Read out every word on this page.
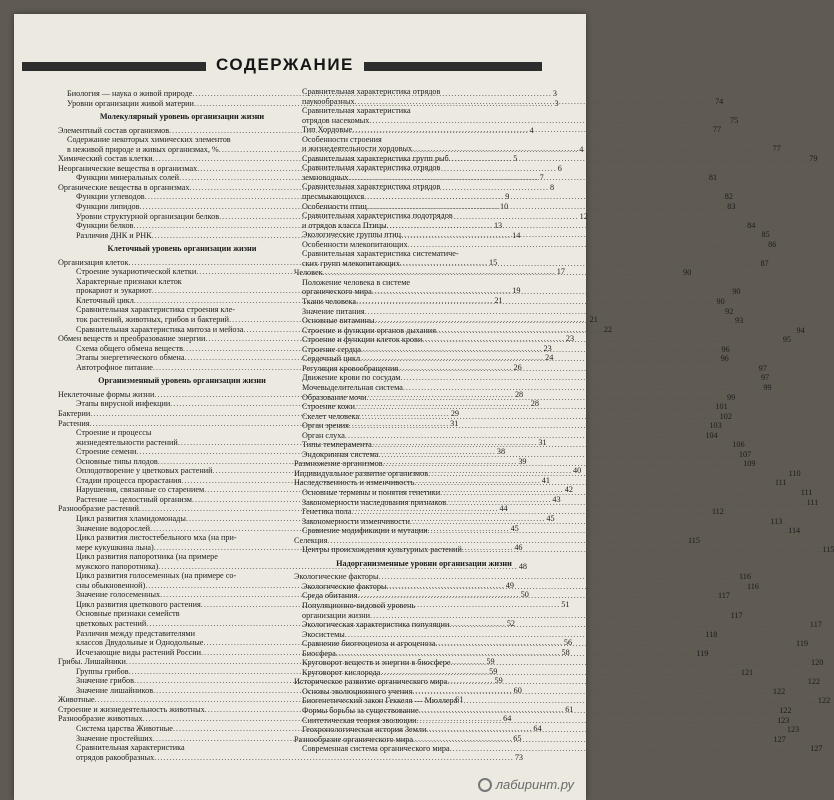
СОДЕРЖАНИЕ
Биология — наука о живой природе .....	3
Уровни организации живой материи .....	3
Молекулярный уровень организации жизни
Элементный состав организмов .....	4
Содержание некоторых химических элементов
в неживой природе и живых организмах, % .....	4
Химический состав клетки .....	5
Неорганические вещества в организмах .....	6
Функции минеральных солей .....	7
Органические вещества в организмах .....	8
Функции углеводов .....	9
Функции липидов .....	10
Уровни структурной организации белков .....	12
Функции белков .....	13
Различия ДНК и РНК .....	14
Клеточный уровень организации жизни
Организация клеток .....	15
Строение эукариотической клетки .....	17
Характерные признаки клеток
прокариот и эукариот .....	19
Клеточный цикл .....	21
Сравнительная характеристика строения кле-
ток растений, животных, грибов и бактерий .....	21
Сравнительная характеристика митоза и мейоза .....	22
Обмен веществ и преобразование энергии .....	23
Схема общего обмена веществ .....	23
Этапы энергетического обмена .....	24
Автотрофное питание .....	26
Организменный уровень организации жизни
Неклеточные формы жизни .....	28
Этапы вирусной инфекции .....	28
Бактерии .....	29
Растения .....	31
Строение и процессы
жизнедеятельности растений .....	31
Строение семени .....	38
Основные типы плодов .....	39
Оплодотворение у цветковых растений .....	40
Стадии процесса прорастания .....	41
Нарушения, связанные со старением .....	42
Растение — целостный организм .....	43
Разнообразие растений .....	44
Цикл развития хламидомонады .....	45
Значение водорослей .....	45
Цикл развития листостебельного мха (на при-
мере кукушкина льна) .....	46
Цикл развития папоротника (на примере
мужского папоротника) .....	48
Цикл развития голосеменных (на примере со-
сны обыкновенной) .....	49
Значение голосеменных .....	50
Цикл развития цветкового растения .....	51
Основные признаки семейств
цветковых растений .....	52
Различия между представителями
классов Двудольные и Однодольные .....	56
Исчезающие виды растений России .....	58
Грибы. Лишайники .....	59
Группы грибов .....	59
Значение грибов .....	59
Значение лишайников .....	60
Животные .....	61
Строение и жизнедеятельность животных .....	61
Разнообразие животных .....	64
Система царства Животные .....	64
Значение простейших .....	65
Сравнительная характеристика
отрядов ракообразных .....	73
Сравнительная характеристика отрядов
паукообразных .....	74
Сравнительная характеристика
отрядов насекомых .....	75
Тип Хордовые .....	77
Особенности строения
и жизнедеятельности хордовых .....	77
Сравнительная характеристика групп рыб .....	79
Сравнительная характеристика отрядов
земноводных .....	81
Сравнительная характеристика отрядов
пресмыкающихся .....	82
Особенности птиц .....	83
Сравнительная характеристика подотрядов
и отрядов класса Птицы .....	84
Экологические группы птиц .....	85
Особенности млекопитающих .....	86
Сравнительная характеристика систематиче-
ских групп млекопитающих .....	87
Человек .....	90
Положение человека в системе
органического мира .....	90
Ткани человека .....	90
Значение питания .....	92
Основные витамины .....	93
Строение и функции органов дыхания .....	94
Строение и функции клеток крови .....	95
Строение сердца .....	96
Сердечный цикл .....	96
Регуляция кровообращения .....	97
Движение крови по сосудам .....	97
Мочевыделительная система .....	99
Образование мочи .....	99
Строение кожи .....	101
Скелет человека .....	102
Орган зрения .....	103
Орган слуха .....	104
Типы темперамента .....	106
Эндокринная система .....	107
Размножение организмов .....	109
Индивидуальное развитие организмов .....	110
Наследственность и изменчивость .....	111
Основные термины и понятия генетики .....	111
Закономерности наследования признаков .....	111
Генетика пола .....	112
Закономерности изменчивости .....	113
Сравнение модификации и мутации .....	114
Селекция .....	115
Центры происхождения культурных растений .....	115
Надорганизменные уровни организации жизни
Экологические факторы .....	116
Экологические факторы .....	116
Среда обитания .....	117
Популяционно-видовой уровень
организации жизни .....	117
Экологическая характеристика популяции .....	117
Экосистемы .....	118
Сравнение биогеоценоза и агроценоза .....	119
Биосфера .....	119
Круговорот веществ и энергии в биосфере .....	120
Круговорот кислорода .....	121
Историческое развитие органического мира .....	122
Основы эволюционного учения .....	122
Биогенетический закон Геккеля — Мюллера .....	122
Формы борьбы за существование .....	122
Синтетическая теория эволюции .....	123
Геохронологическая история Земли .....	123
Разнообразие органического мира .....	127
Современная система органического мира .....	127
лабиринт.ру
